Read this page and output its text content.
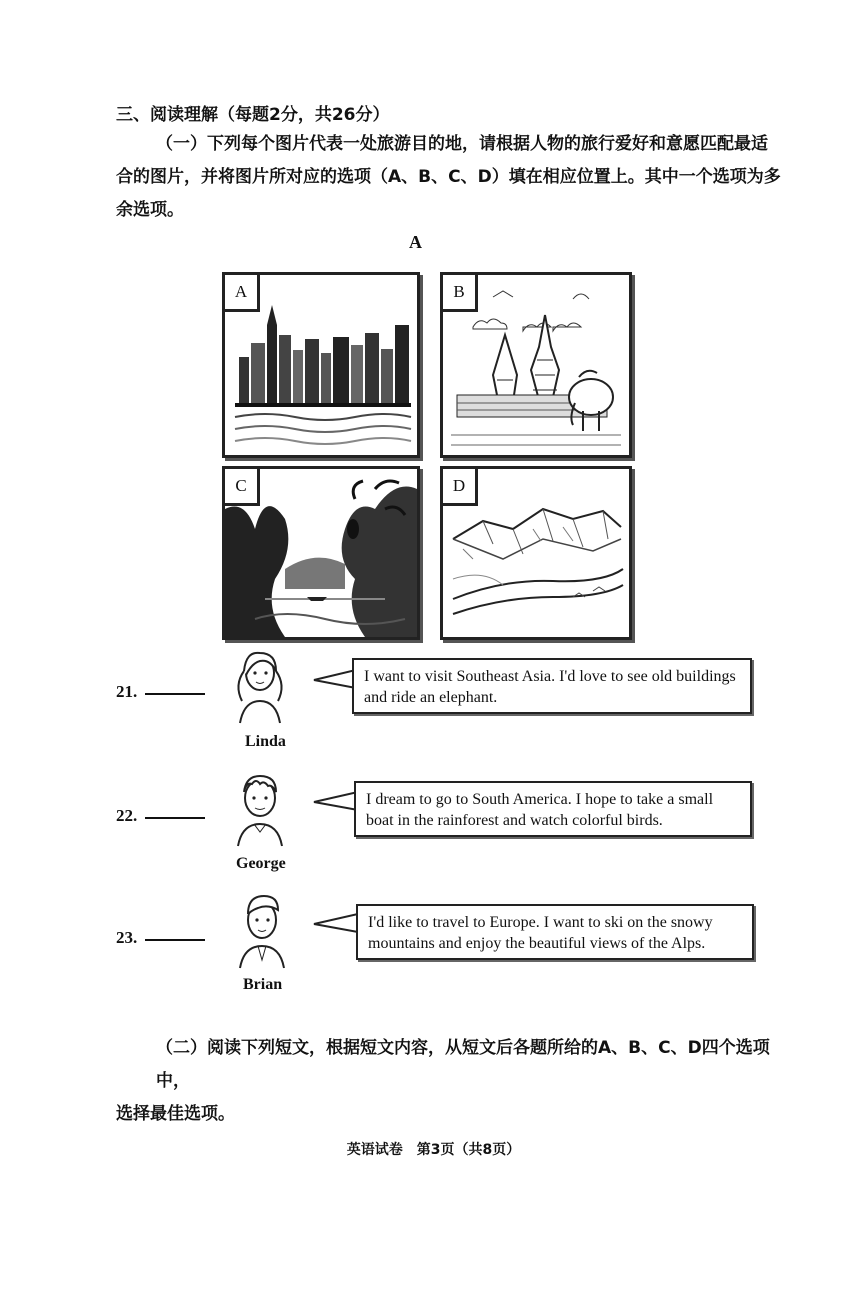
三、阅读理解（每题2分，共26分）
（一）下列每个图片代表一处旅游目的地，请根据人物的旅行爱好和意愿匹配最适
合的图片，并将图片所对应的选项（A、B、C、D）填在相应位置上。其中一个选项为多
余选项。
A
A	B
C	D
21.
Linda
I want to visit Southeast Asia. I'd love to see old buildings and ride an elephant.
22.
George
I dream to go to South America. I hope to take a small boat in the rainforest and watch colorful birds.
23.
Brian
I'd like to travel to Europe. I want to ski on the snowy mountains and enjoy the beautiful views of the Alps.
（二）阅读下列短文，根据短文内容，从短文后各题所给的A、B、C、D四个选项中，
选择最佳选项。
英语试卷　第3页（共8页）
